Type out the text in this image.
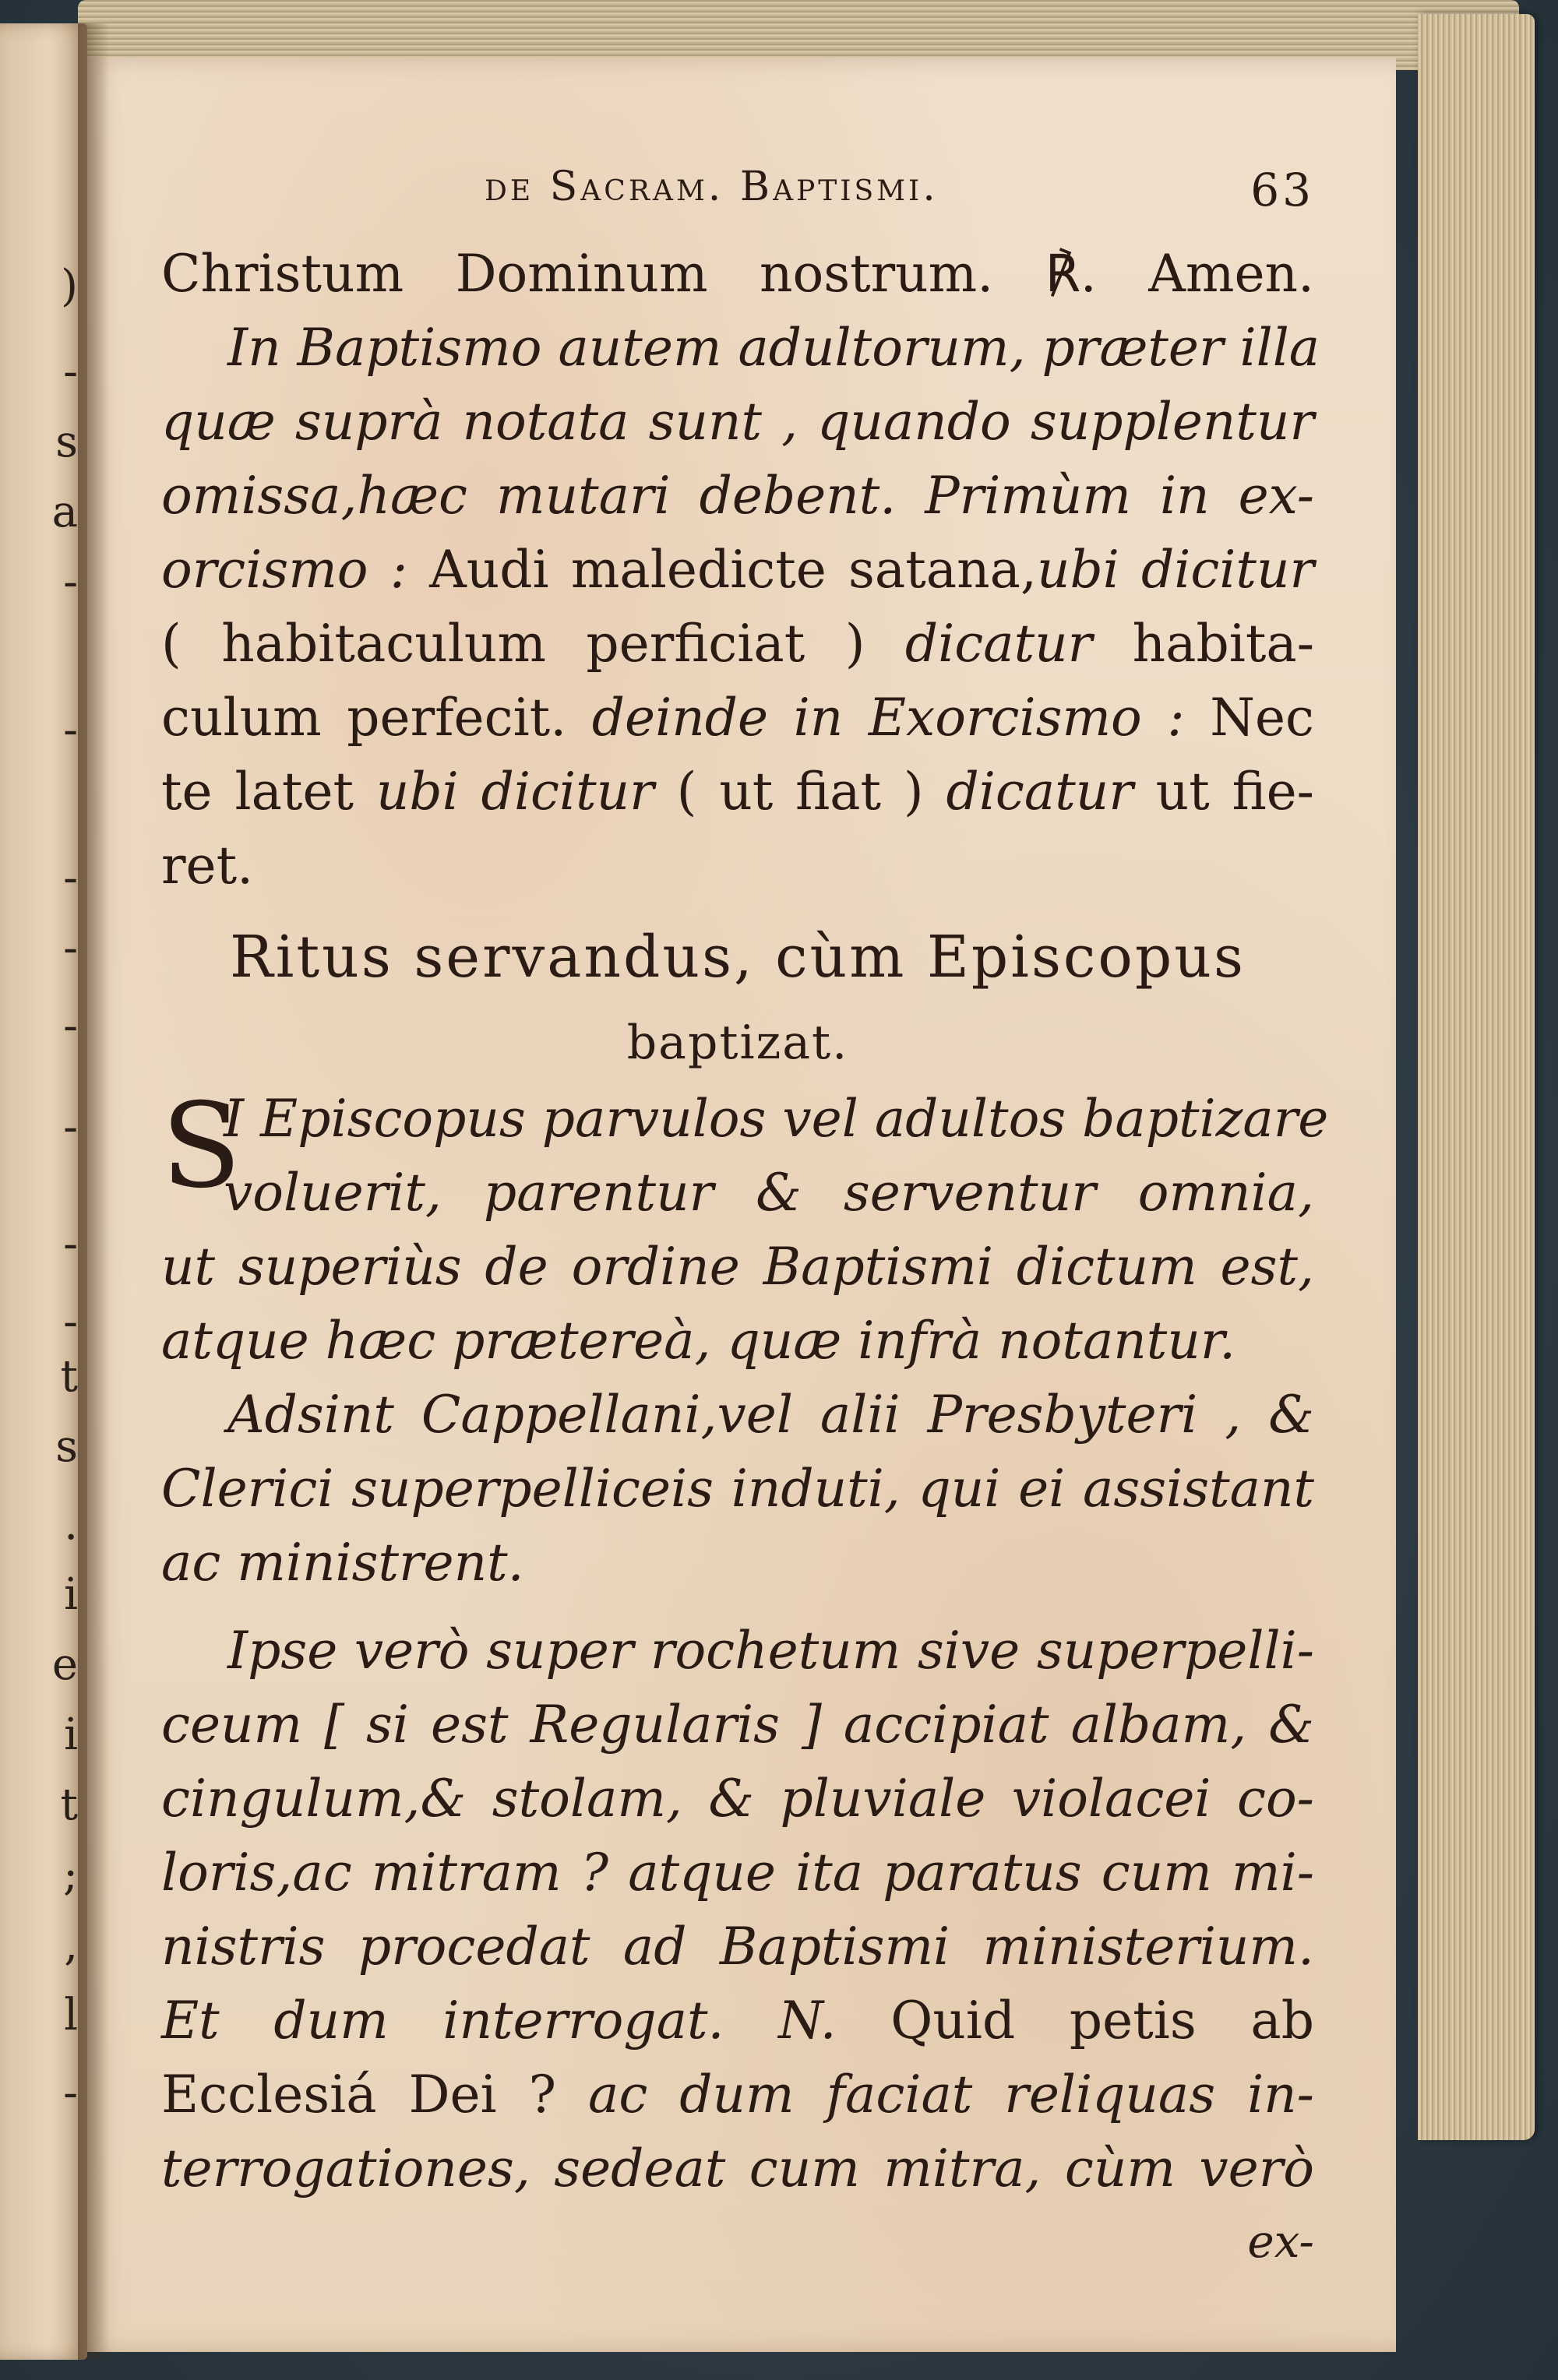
)
-
s
a
-
-
-
-
-
-
-
-
t
s
.
i
e
i
t
;
,
l
-
de Sacram. Baptismi.	63
Christum Dominum nostrum. ℟. Amen.
In Baptismo autem adultorum, præter illa
quæ suprà notata sunt , quando supplentur
omissa,hæc mutari debent. Primùm in ex-
orcismo : Audi maledicte satana,ubi dicitur
( habitaculum perficiat ) dicatur habita-
culum perfecit. deinde in Exorcismo : Nec
te latet ubi dicitur ( ut fiat ) dicatur ut fie-
ret.
Ritus servandus, cùm Episcopus
baptizat.
S
I Episcopus parvulos vel adultos baptizare
voluerit, parentur & serventur omnia,
ut superiùs de ordine Baptismi dictum est,
atque hæc prætereà, quæ infrà notantur.
Adsint Cappellani,vel alii Presbyteri , &
Clerici superpelliceis induti, qui ei assistant
ac ministrent.
Ipse verò super rochetum sive superpelli-
ceum [ si est Regularis ] accipiat albam, &
cingulum,& stolam, & pluviale violacei co-
loris,ac mitram ? atque ita paratus cum mi-
nistris procedat ad Baptismi ministerium.
Et dum interrogat. N. Quid petis ab
Ecclesiá Dei ? ac dum faciat reliquas in-
terrogationes, sedeat cum mitra, cùm verò
ex-
